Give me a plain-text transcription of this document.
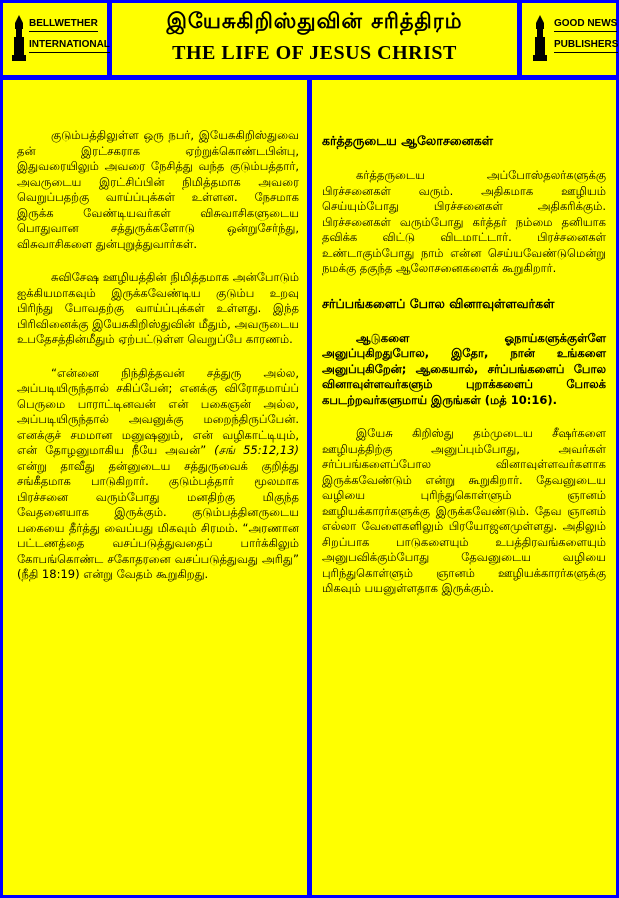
BELLWETHER
INTERNATIONAL
இயேசுகிறிஸ்துவின் சரித்திரம்
THE LIFE OF JESUS CHRIST
GOOD NEWS
PUBLISHERS

குடும்பத்திலுள்ள ஒரு நபர், இயேசுகிறிஸ்துவை தன் இரட்சகராக ஏற்றுக்கொண்டபின்பு, இதுவரையிலும் அவரை நேசித்து வந்த குடும்பத்தார், அவருடைய இரட்சிப்பின் நிமித்தமாக அவரை வெறுப்பதற்கு வாய்ப்புக்கள் உள்ளன. நேசமாக இருக்க வேண்டியவர்கள் விசுவாசிகளுடைய பொதுவான சத்துருக்களோடு ஒன்றுசேர்ந்து, விசுவாசிகளை துன்புறுத்துவார்கள்.

சுவிசேஷ ஊழியத்தின் நிமித்தமாக அன்போடும் ஐக்கியமாகவும் இருக்கவேண்டிய குடும்ப உறவு பிரிந்து போவதற்கு வாய்ப்புக்கள் உள்ளது. இந்த பிரிவினைக்கு இயேசுகிறிஸ்துவின் மீதும், அவருடைய உபதேசத்தின்மீதும் ஏற்பட்டுள்ள வெறுப்பே காரணம்.

“என்னை நிந்தித்தவன் சத்துரு அல்ல, அப்படியிருந்தால் சகிப்பேன்; எனக்கு விரோதமாய்ப் பெருமை பாராட்டினவன் என் பகைஞன் அல்ல, அப்படியிருந்தால் அவனுக்கு மறைந்திருப்பேன். எனக்குச் சமமான மனுஷனும், என் வழிகாட்டியும், என் தோழனுமாகிய நீயே அவன்” (சங் 55:12,13) என்று தாவீது தன்னுடைய சத்துருவைக் குறித்து சங்கீதமாக பாடுகிறார். குடும்பத்தார் மூலமாக பிரச்சனை வரும்போது மனதிற்கு மிகுந்த வேதனையாக இருக்கும். குடும்பத்தினருடைய பகையை தீர்த்து வைப்பது மிகவும் சிரமம். “அரணான பட்டணத்தை வசப்படுத்துவதைப் பார்க்கிலும் கோபங்கொண்ட சகோதரனை வசப்படுத்துவது அரிது” (நீதி 18:19) என்று வேதம் கூறுகிறது.

கர்த்தருடைய ஆலோசனைகள்

கர்த்தருடைய அப்போஸ்தலர்களுக்கு பிரச்சனைகள் வரும். அதிகமாக ஊழியம் செய்யும்போது பிரச்சனைகள் அதிகரிக்கும். பிரச்சனைகள் வரும்போது கர்த்தர் நம்மை தனியாக தவிக்க விட்டு விடமாட்டார். பிரச்சனைகள் உண்டாகும்போது நாம் என்ன செய்யவேண்டுமென்று நமக்கு தகுந்த ஆலோசனைகளைக் கூறுகிறார்.

சர்ப்பங்களைப் போல வினாவுள்ளவர்கள்

ஆடுகளை ஓநாய்களுக்குள்ளே அனுப்புகிறதுபோல, இதோ, நான் உங்களை அனுப்புகிறேன்; ஆகையால், சர்ப்பங்களைப் போல வினாவுள்ளவர்களும் புறாக்களைப் போலக் கபடற்றவர்களுமாய் இருங்கள் (மத் 10:16).

இயேசு கிறிஸ்து தம்முடைய சீஷர்களை ஊழியத்திற்கு அனுப்பும்போது, அவர்கள் சர்ப்பங்களைப்போல வினாவுள்ளவர்களாக இருக்கவேண்டும் என்று கூறுகிறார். தேவனுடைய வழியை புரிந்துகொள்ளும் ஞானம் ஊழியக்காரர்களுக்கு இருக்கவேண்டும். தேவ ஞானம் எல்லா வேளைகளிலும் பிரயோஜனமுள்ளது. அதிலும் சிறப்பாக பாடுகளையும் உபத்திரவங்களையும் அனுபவிக்கும்போது தேவனுடைய வழியை புரிந்துகொள்ளும் ஞானம் ஊழியக்காரர்களுக்கு மிகவும் பயனுள்ளதாக இருக்கும்.
